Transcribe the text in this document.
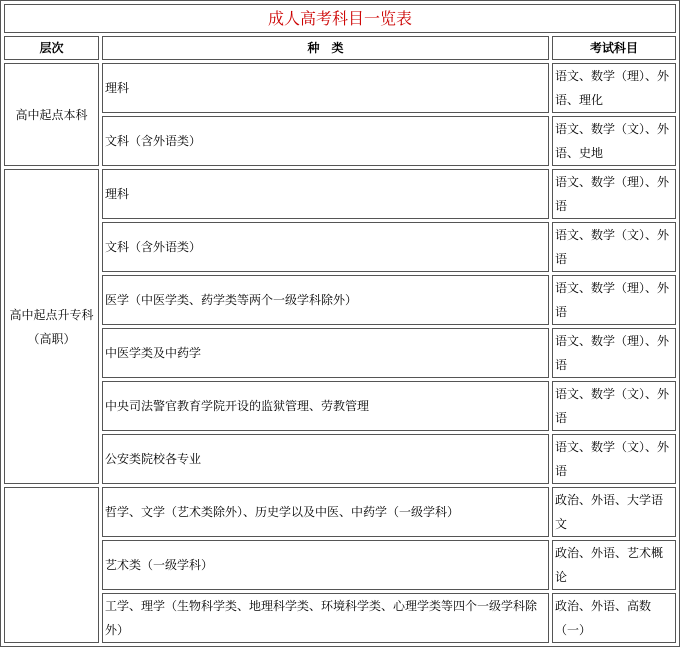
成人高考科目一览表		
层次	种　类	考试科目
高中起点本科	理科	语文、数学（理）、外语、理化
	文科（含外语类）	语文、数学（文）、外语、史地

高中起点升专科
（高职）	理科	语文、数学（理）、外语
	文科（含外语类）	语文、数学（文）、外语
	医学（中医学类、药学类等两个一级学科除外）	语文、数学（理）、外语
	中医学类及中药学	语文、数学（理）、外语
	中央司法警官教育学院开设的监狱管理、劳教管理	语文、数学（文）、外语
	公安类院校各专业	语文、数学（文）、外语
	哲学、文学（艺术类除外）、历史学以及中医、中药学（一级学科）	政治、外语、大学语文
	艺术类（一级学科）	政治、外语、艺术概论
	工学、理学（生物科学类、地理科学类、环境科学类、心理学类等四个一级学科除外）	政治、外语、高数（一）
